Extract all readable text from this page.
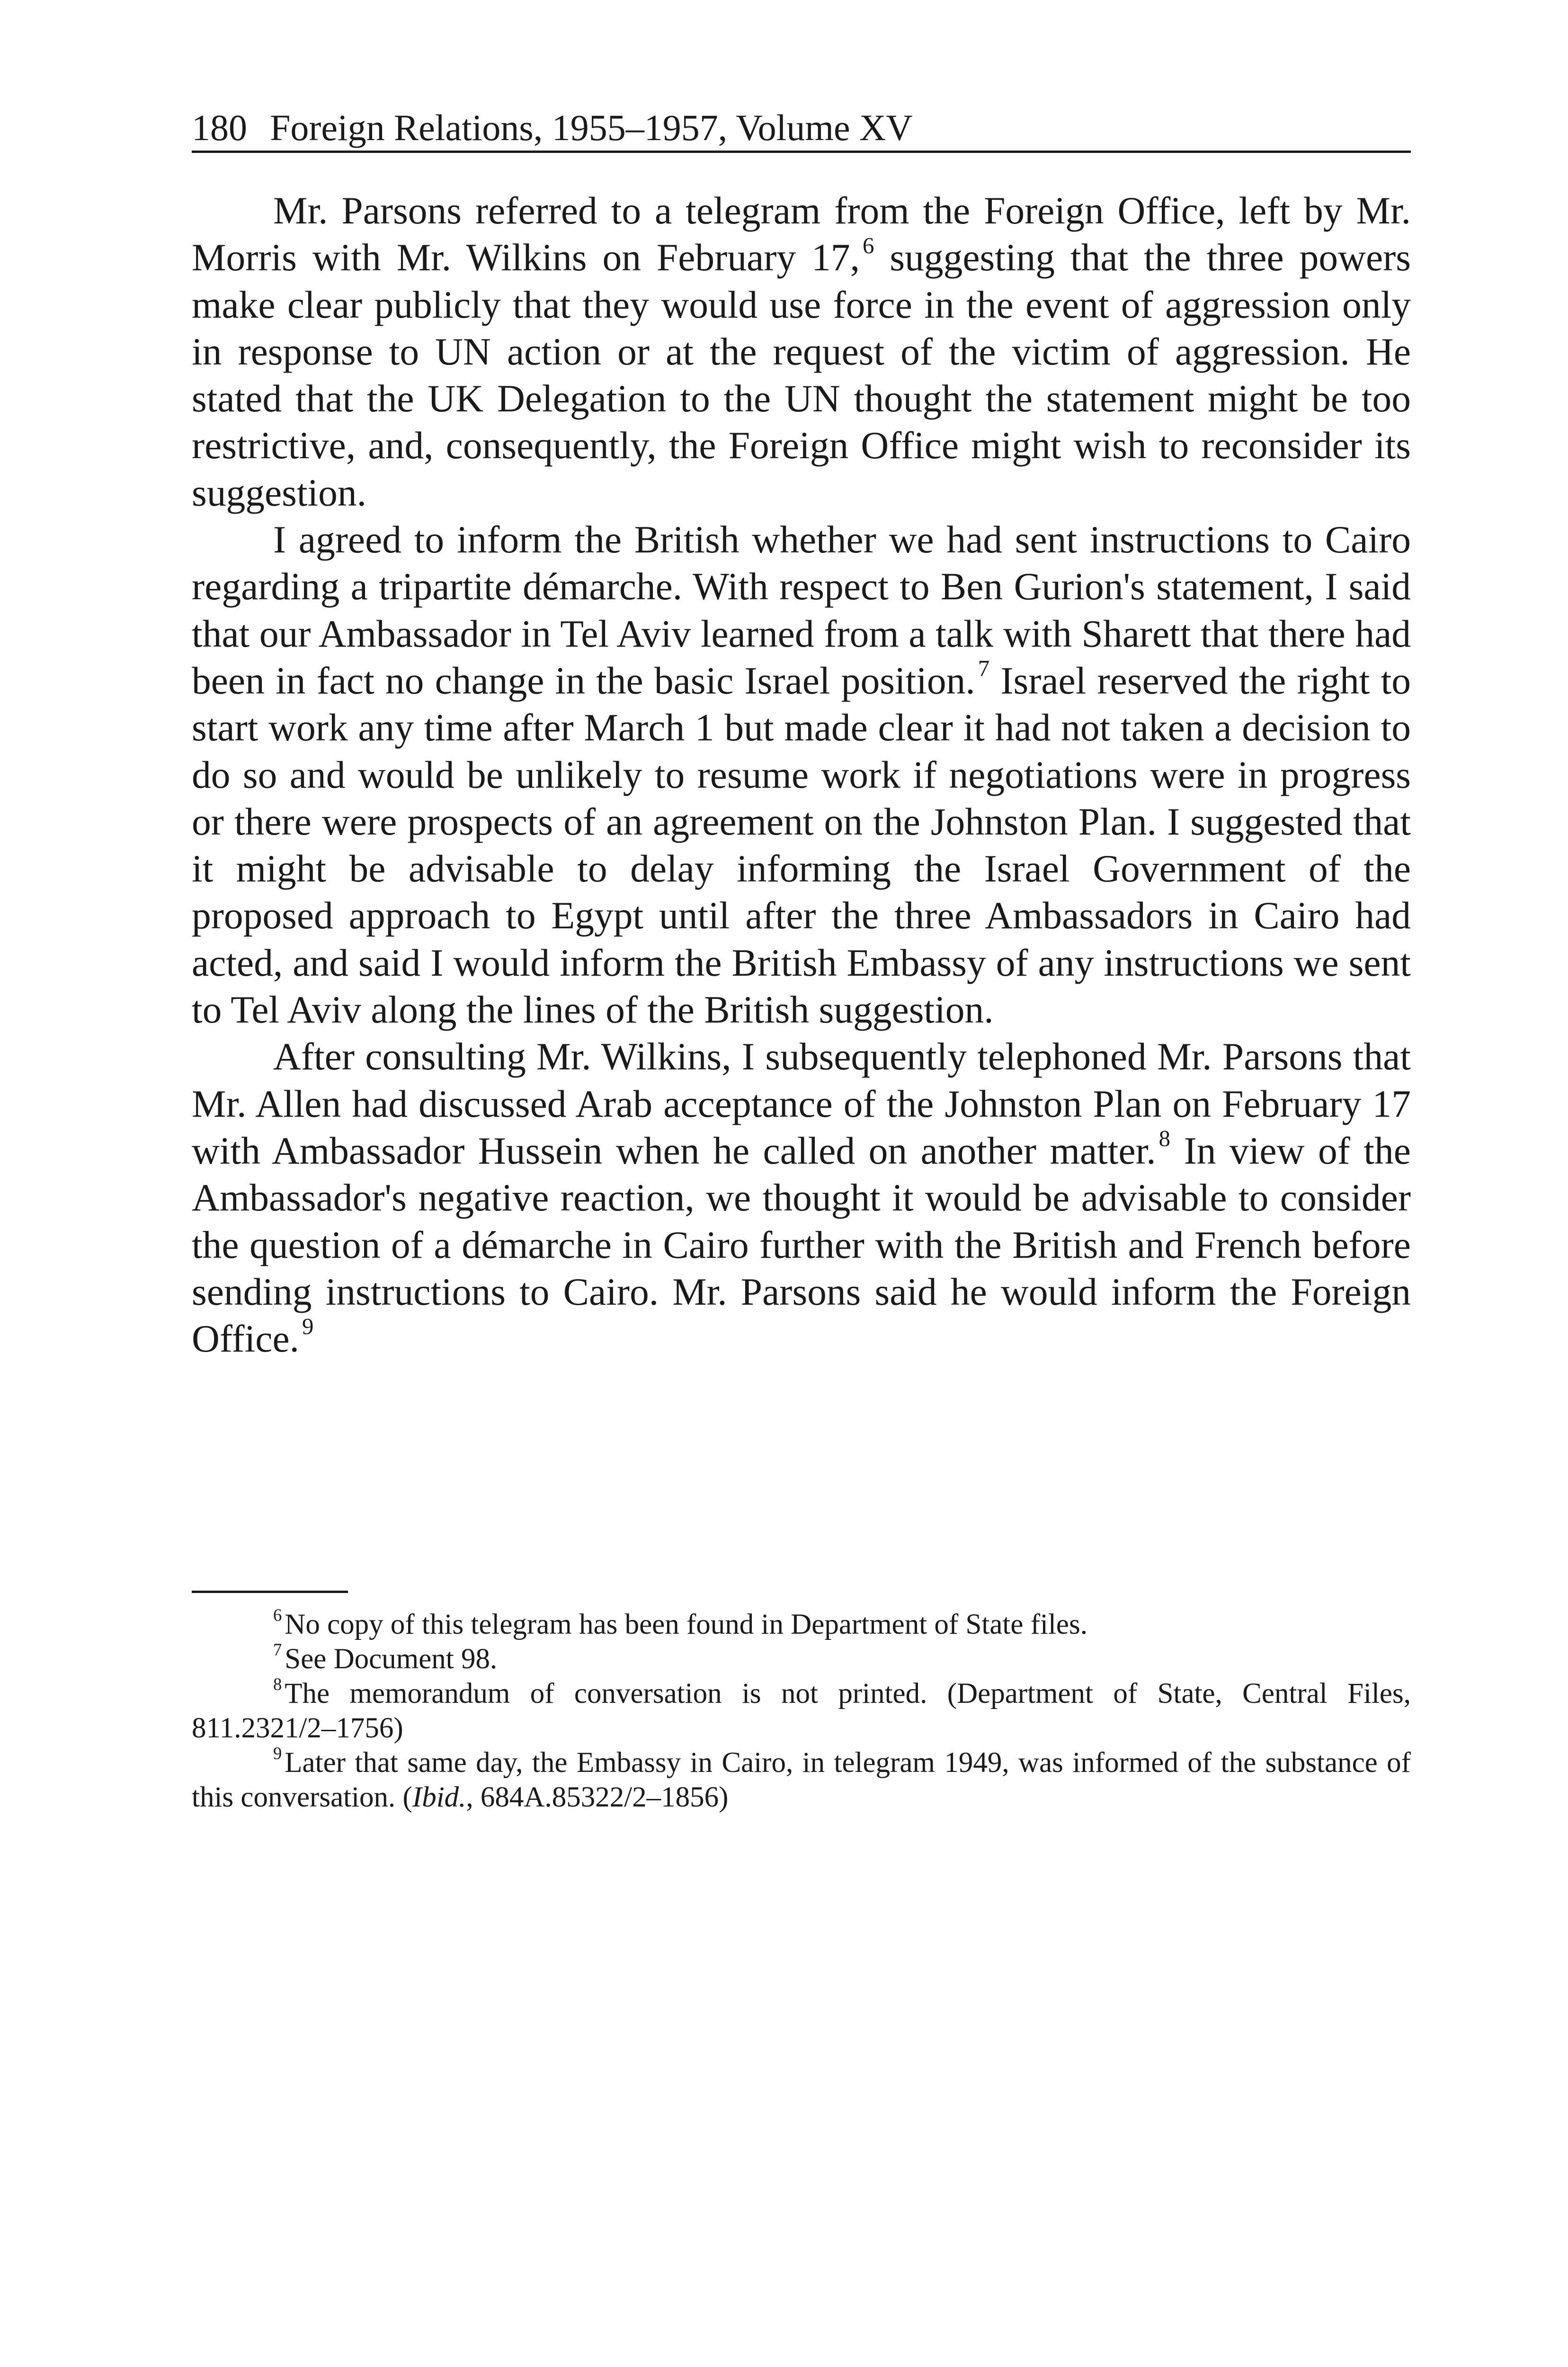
180 Foreign Relations, 1955–1957, Volume XV

Mr. Parsons referred to a telegram from the Foreign Office, left by Mr. Morris with Mr. Wilkins on February 17, $^6$ suggesting that the three powers make clear publicly that they would use force in the event of aggression only in response to UN action or at the request of the victim of aggression. He stated that the UK Delegation to the UN thought the statement might be too restrictive, and, consequently, the Foreign Office might wish to reconsider its suggestion.

I agreed to inform the British whether we had sent instructions to Cairo regarding a tripartite démarche. With respect to Ben Gurion's statement, I said that our Ambassador in Tel Aviv learned from a talk with Sharett that there had been in fact no change in the basic Israel position. $^7$ Israel reserved the right to start work any time after March 1 but made clear it had not taken a decision to do so and would be unlikely to resume work if negotiations were in progress or there were prospects of an agreement on the Johnston Plan. I suggested that it might be advisable to delay informing the Israel Government of the proposed approach to Egypt until after the three Ambassadors in Cairo had acted, and said I would inform the British Embassy of any instructions we sent to Tel Aviv along the lines of the British suggestion.

After consulting Mr. Wilkins, I subsequently telephoned Mr. Parsons that Mr. Allen had discussed Arab acceptance of the Johnston Plan on February 17 with Ambassador Hussein when he called on another matter. $^8$ In view of the Ambassador's negative reaction, we thought it would be advisable to consider the question of a démarche in Cairo further with the British and French before sending instructions to Cairo. Mr. Parsons said he would inform the Foreign Office. $^9$

$^6$No copy of this telegram has been found in Department of State files.

$^7$See Document 98.

$^8$The memorandum of conversation is not printed. (Department of State, Central Files, 811.2321/2–1756)

$^9$Later that same day, the Embassy in Cairo, in telegram 1949, was informed of the substance of this conversation. (Ibid., 684A.85322/2–1856)
